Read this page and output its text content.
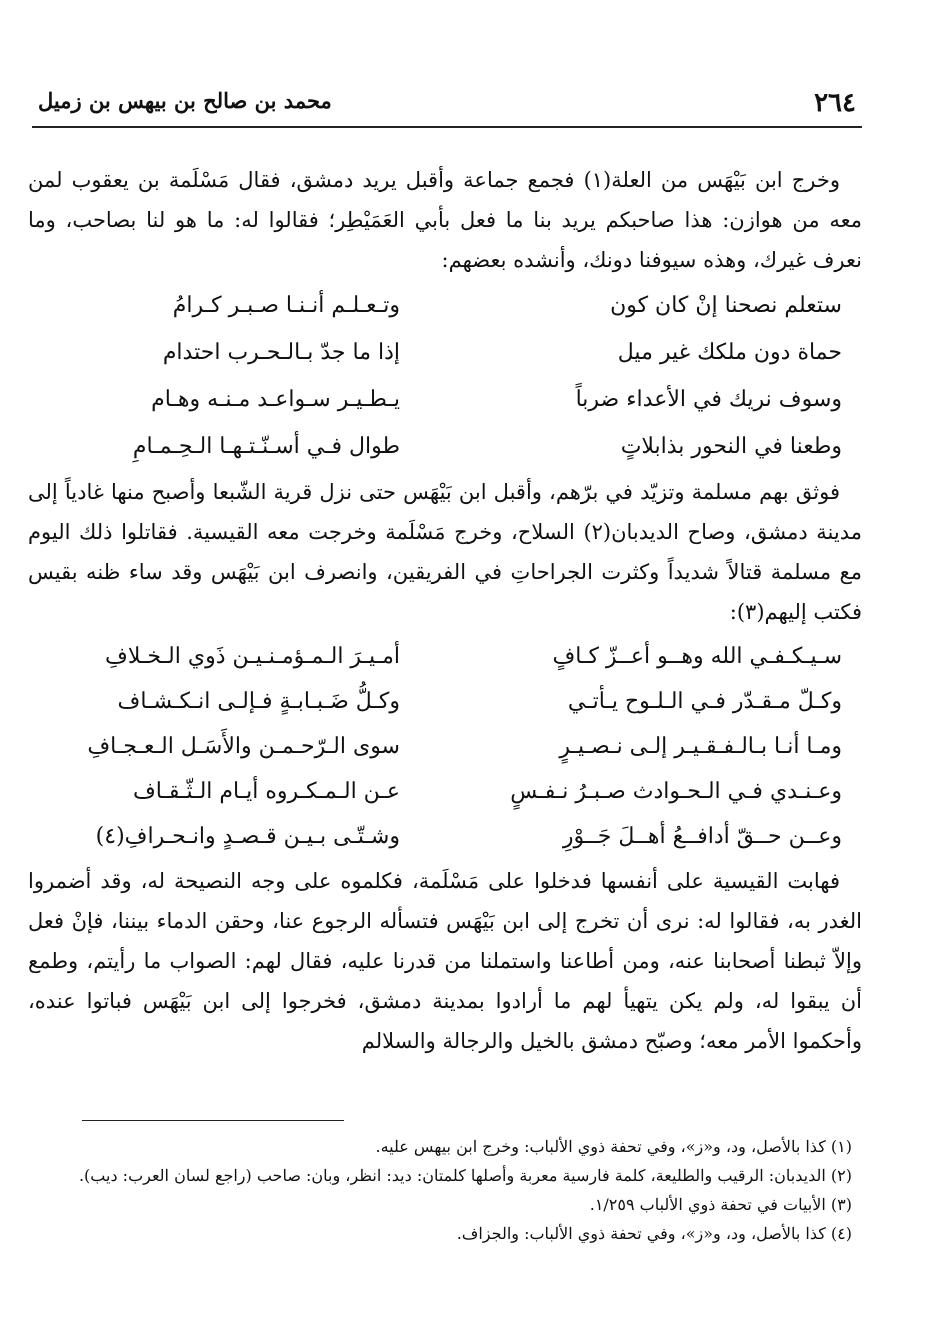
٢٦٤
محمد بن صالح بن بيهس بن زميل

وخرج ابن بَيْهَس من العلة(١) فجمع جماعة وأقبل يريد دمشق، فقال مَسْلَمة بن يعقوب لمن معه من هوازن: هذا صاحبكم يريد بنا ما فعل بأبي العَمَيْطِر؛ فقالوا له: ما هو لنا بصاحب، وما نعرف غيرك، وهذه سيوفنا دونك، وأنشده بعضهم:

ستعلم نصحنا إنْ كان كون
وتـعـلـم أنـنـا صـبـر كـرامُ
حماة دون ملكك غير ميل
إذا ما جدّ بـالـحـرب احتدام
وسوف نريك في الأعداء ضرباً
يـطـيـر سـواعـد مـنـه وهـام
وطعنا في النحور بذابلاتٍ
طوال فـي أسـنّـتـهـا الـحِـمـامِ

فوثق بهم مسلمة وتزيّد في برّهم، وأقبل ابن بَيْهَس حتى نزل قرية الشّبعا وأصبح منها غادياً إلى مدينة دمشق، وصاح الديدبان(٢) السلاح، وخرج مَسْلَمة وخرجت معه القيسية. فقاتلوا ذلك اليوم مع مسلمة قتالاً شديداً وكثرت الجراحاتِ في الفريقين، وانصرف ابن بَيْهَس وقد ساء ظنه بقيس فكتب إليهم(٣):

سـيـكـفـي الله وهــو أعــزّ كـافٍ
أمـيـرَ الـمـؤمـنـيـن ذَوي الـخـلافِ
وكـلّ مـقـدّر فـي الـلـوح يـأتـي
وكـلُّ ضَـبـابـةٍ فـإلـى انـكـشـاف
ومـا أنـا بـالـفـقـيـر إلـى نـصـيـرٍ
سوى الـرّحـمـن والأَسَـل الـعـجـافِ
وعـنـدي فـي الـحـوادث صـبـرُ نـفـسٍ
عـن الـمـكـروه أيـام الـثّـقـاف
وعــن حــقّ أدافــعُ أهــلَ جَــوْرِ
وشـتّـى بـيـن قـصـدٍ وانـحـرافِ(٤)

فهابت القيسية على أنفسها فدخلوا على مَسْلَمة، فكلموه على وجه النصيحة له، وقد أضمروا الغدر به، فقالوا له: نرى أن تخرج إلى ابن بَيْهَس فتسأله الرجوع عنا، وحقن الدماء بيننا، فإنْ فعل وإلاّ ثبطنا أصحابنا عنه، ومن أطاعنا واستملنا من قدرنا عليه، فقال لهم: الصواب ما رأيتم، وطمع أن يبقوا له، ولم يكن يتهيأ لهم ما أرادوا بمدينة دمشق، فخرجوا إلى ابن بَيْهَس فباتوا عنده، وأحكموا الأمر معه؛ وصبّح دمشق بالخيل والرجالة والسلالم

(١) كذا بالأصل، ود، و«ز»، وفي تحفة ذوي الألباب: وخرج ابن بيهس عليه.

(٢) الديدبان: الرقيب والطليعة، كلمة فارسية معربة وأصلها كلمتان: ديد: انظر، وبان: صاحب (راجع لسان العرب: ديب).

(٣) الأبيات في تحفة ذوي الألباب ١/٢٥٩.

(٤) كذا بالأصل، ود، و«ز»، وفي تحفة ذوي الألباب: والجزاف.
